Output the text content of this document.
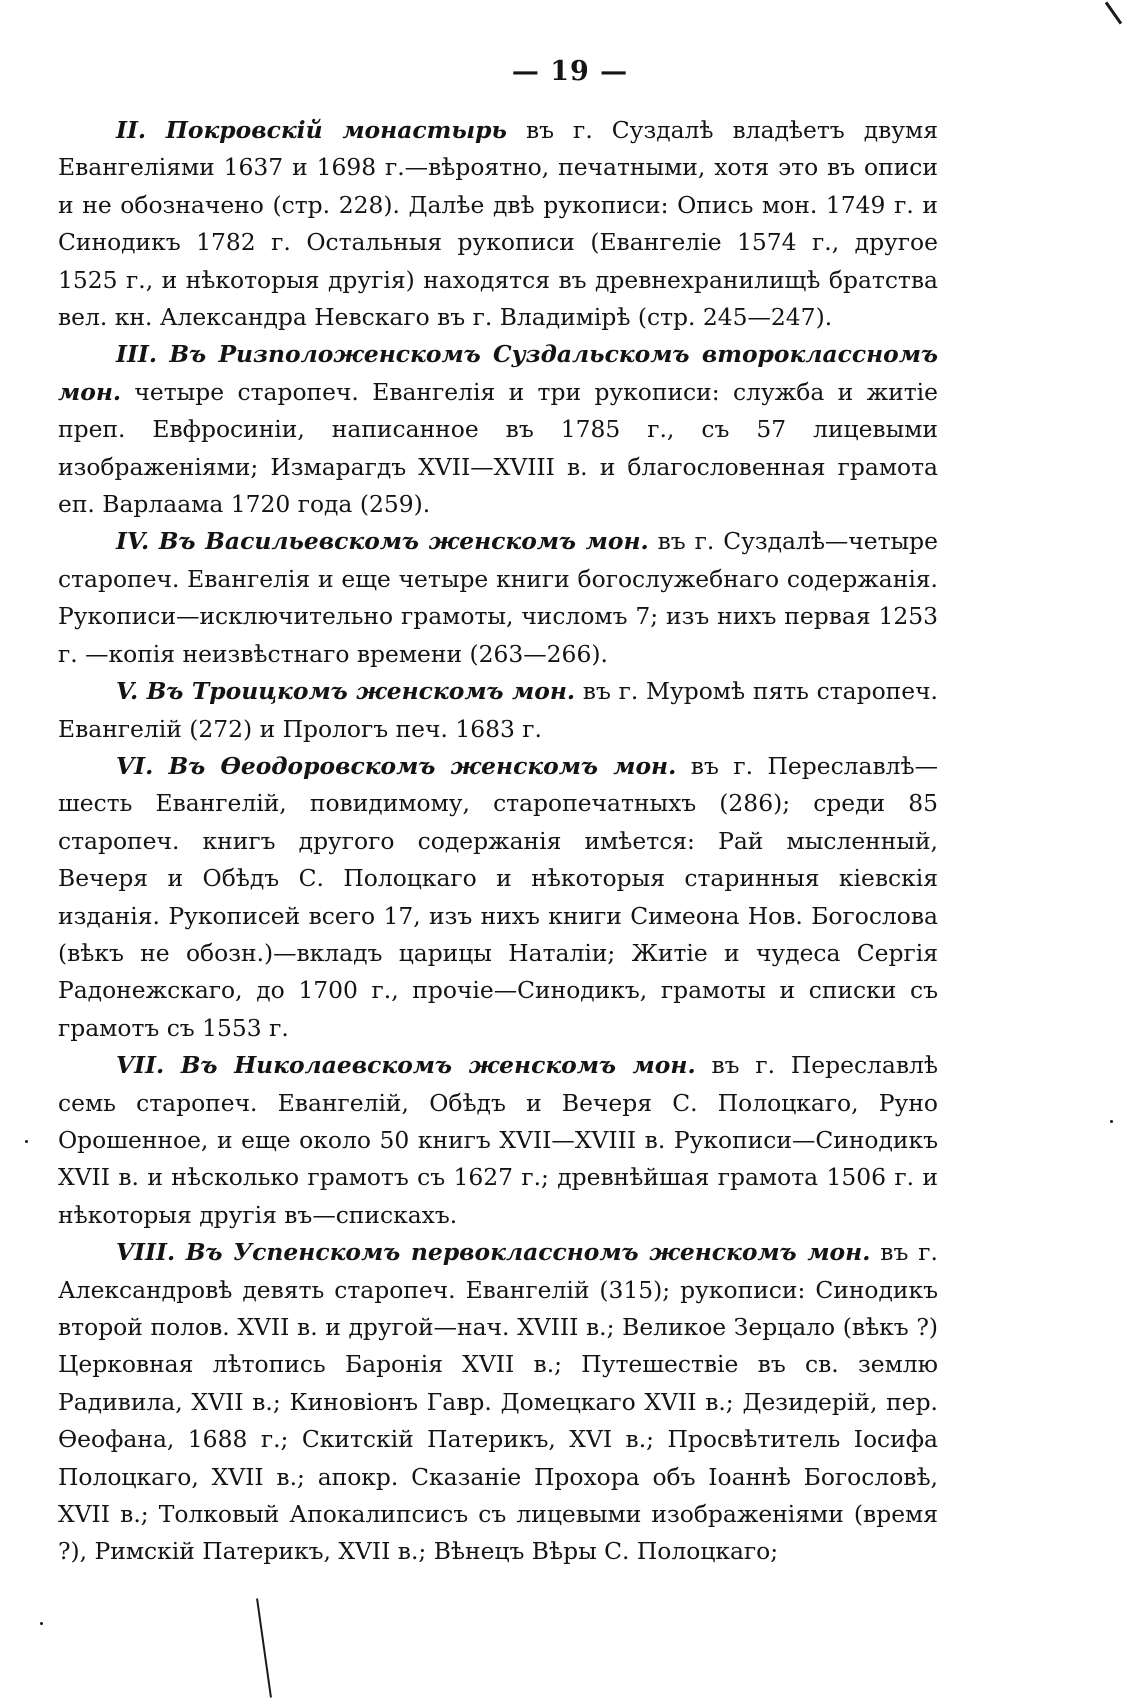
— 19 —

II. Покровскій монастырь въ г. Суздалѣ владѣетъ двумя Евангеліями 1637 и 1698 г.—вѣроятно, печатными, хотя это въ описи и не обозначено (стр. 228). Далѣе двѣ рукописи: Опись мон. 1749 г. и Синодикъ 1782 г. Остальныя рукописи (Евангеліе 1574 г., другое 1525 г., и нѣкоторыя другія) находятся въ древнехранилищѣ братства вел. кн. Александра Невскаго въ г. Владимірѣ (стр. 245—247).

III. Въ Ризположенскомъ Суздальскомъ второклассномъ мон. четыре старопеч. Евангелія и три рукописи: служба и житіе преп. Евфросиніи, написанное въ 1785 г., съ 57 лицевыми изображеніями; Измарагдъ XVII—XVIII в. и благословенная грамота еп. Варлаама 1720 года (259).

IV. Въ Васильевскомъ женскомъ мон. въ г. Суздалѣ—четыре старопеч. Евангелія и еще четыре книги богослужебнаго содержанія. Рукописи—исключительно грамоты, числомъ 7; изъ нихъ первая 1253 г. —копія неизвѣстнаго времени (263—266).

V. Въ Троицкомъ женскомъ мон. въ г. Муромѣ пять старопеч. Евангелій (272) и Прологъ печ. 1683 г.

VI. Въ Ѳеодоровскомъ женскомъ мон. въ г. Переславлѣ—шесть Евангелій, повидимому, старопечатныхъ (286); среди 85 старопеч. книгъ другого содержанія имѣется: Рай мысленный, Вечеря и Обѣдъ С. Полоцкаго и нѣкоторыя старинныя кіевскія изданія. Рукописей всего 17, изъ нихъ книги Симеона Нов. Богослова (вѣкъ не обозн.)—вкладъ царицы Наталіи; Житіе и чудеса Сергія Радонежскаго, до 1700 г., прочіе—Синодикъ, грамоты и списки съ грамотъ съ 1553 г.

VII. Въ Николаевскомъ женскомъ мон. въ г. Переславлѣ семь старопеч. Евангелій, Обѣдъ и Вечеря С. Полоцкаго, Руно Орошенное, и еще около 50 книгъ XVII—XVIII в. Рукописи—Синодикъ XVII в. и нѣсколько грамотъ съ 1627 г.; древнѣйшая грамота 1506 г. и нѣкоторыя другія въ—спискахъ.

VIII. Въ Успенскомъ первоклассномъ женскомъ мон. въ г. Александровѣ девять старопеч. Евангелій (315); рукописи: Синодикъ второй полов. XVII в. и другой—нач. XVIII в.; Великое Зерцало (вѣкъ ?) Церковная лѣтопись Баронія XVII в.; Путешествіе въ св. землю Радивила, XVII в.; Киновіонъ Гавр. Домецкаго XVII в.; Дезидерій, пер. Ѳеофана, 1688 г.; Скитскій Патерикъ, XVI в.; Просвѣтитель Іосифа Полоцкаго, XVII в.; апокр. Сказаніе Прохора объ Іоаннѣ Богословѣ, XVII в.; Толковый Апокалипсисъ съ лицевыми изображеніями (время ?), Римскій Патерикъ, XVII в.; Вѣнецъ Вѣры С. Полоцкаго;
